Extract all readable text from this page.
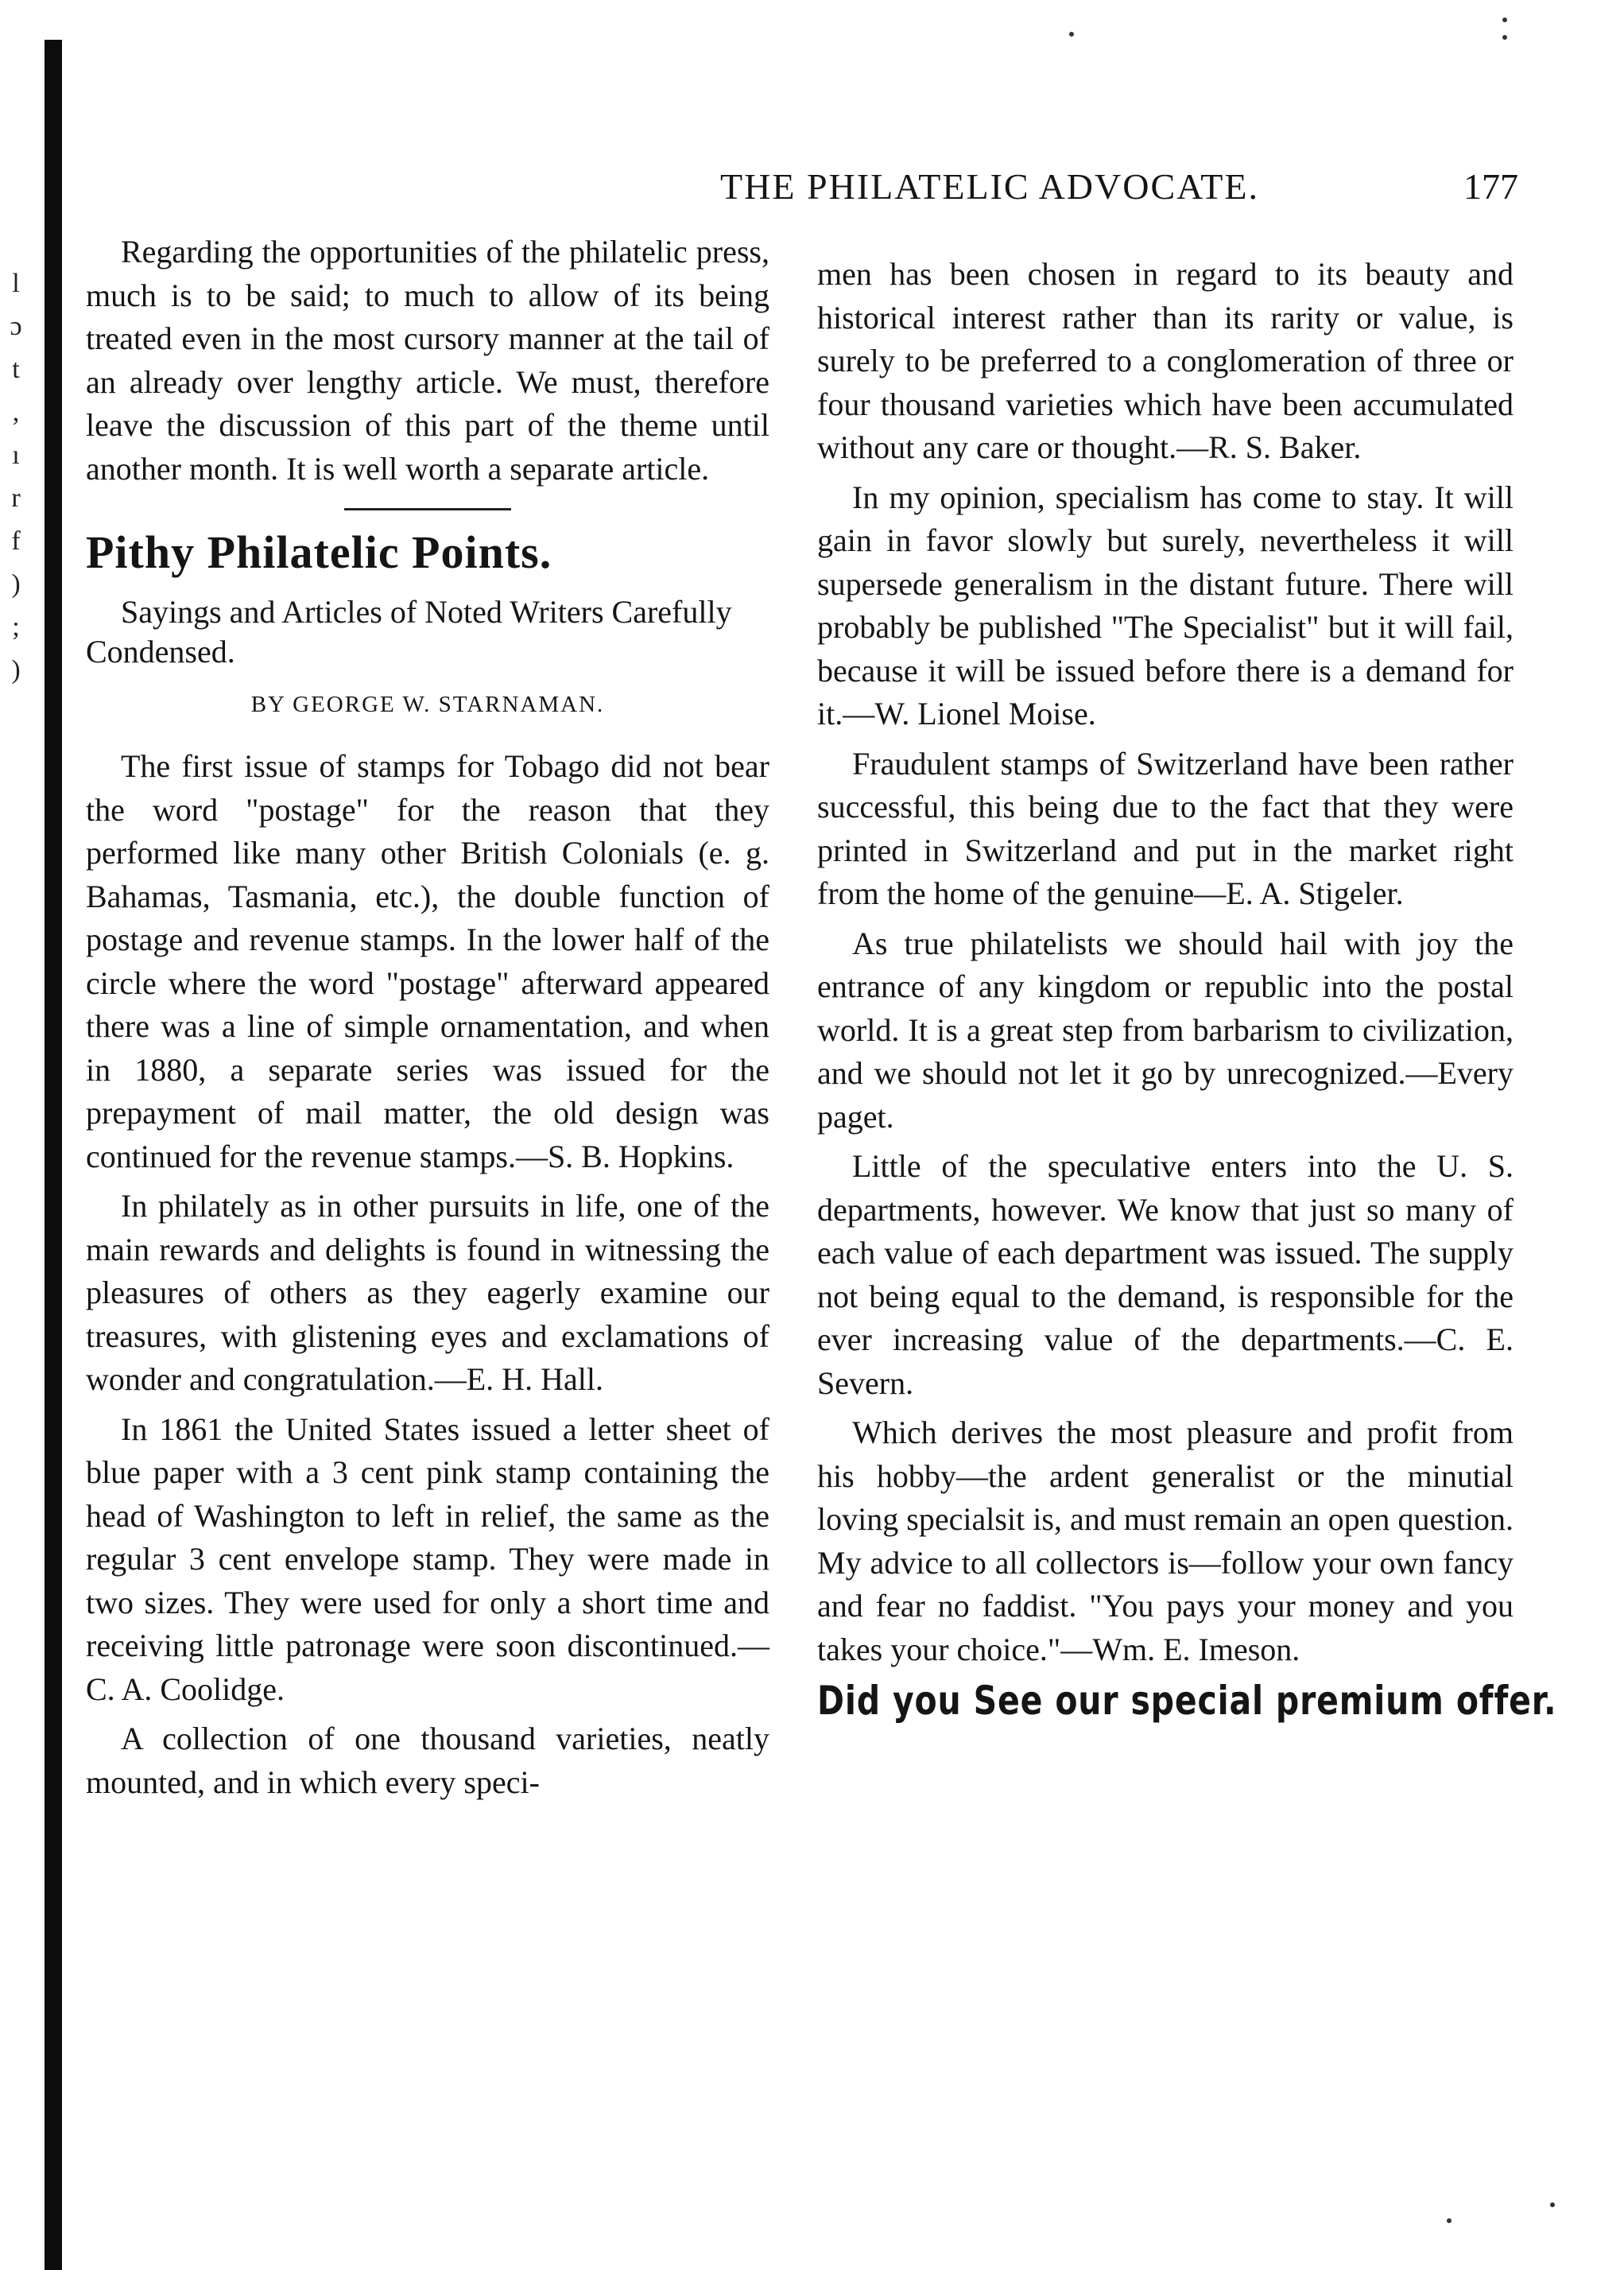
l
ɔ
t
,
ı
r
f
)
;
)
THE PHILATELIC ADVOCATE.	177

Regarding the opportunities of the philatelic press, much is to be said; to much to allow of its being treated even in the most cursory manner at the tail of an already over lengthy article. We must, therefore leave the discussion of this part of the theme until another month. It is well worth a separate article.

Pithy Philatelic Points.

Sayings and Articles of Noted Writers Carefully Condensed.

BY GEORGE W. STARNAMAN.

The first issue of stamps for Tobago did not bear the word "postage" for the reason that they performed like many other British Colonials (e. g. Bahamas, Tasmania, etc.), the double function of postage and revenue stamps. In the lower half of the circle where the word "postage" afterward appeared there was a line of simple ornamentation, and when in 1880, a separate series was issued for the prepayment of mail matter, the old design was continued for the revenue stamps.—S. B. Hopkins.

In philately as in other pursuits in life, one of the main rewards and delights is found in witnessing the pleasures of others as they eagerly examine our treasures, with glistening eyes and exclamations of wonder and congratulation.—E. H. Hall.

In 1861 the United States issued a letter sheet of blue paper with a 3 cent pink stamp containing the head of Washington to left in relief, the same as the regular 3 cent envelope stamp. They were made in two sizes. They were used for only a short time and receiving little patronage were soon discontinued.—C. A. Coolidge.

A collection of one thousand varieties, neatly mounted, and in which every speci-

men has been chosen in regard to its beauty and historical interest rather than its rarity or value, is surely to be preferred to a conglomeration of three or four thousand varieties which have been accumulated without any care or thought.—R. S. Baker.

In my opinion, specialism has come to stay. It will gain in favor slowly but surely, nevertheless it will supersede generalism in the distant future. There will probably be published "The Specialist" but it will fail, because it will be issued before there is a demand for it.—W. Lionel Moise.

Fraudulent stamps of Switzerland have been rather successful, this being due to the fact that they were printed in Switzerland and put in the market right from the home of the genuine—E. A. Stigeler.

As true philatelists we should hail with joy the entrance of any kingdom or republic into the postal world. It is a great step from barbarism to civilization, and we should not let it go by unrecognized.—Every paget.

Little of the speculative enters into the U. S. departments, however. We know that just so many of each value of each department was issued. The supply not being equal to the demand, is responsible for the ever increasing value of the departments.—C. E. Severn.

Which derives the most pleasure and profit from his hobby—the ardent generalist or the minutial loving specialsit is, and must remain an open question. My advice to all collectors is—follow your own fancy and fear no faddist. "You pays your money and you takes your choice."—Wm. E. Imeson.

Did you See our special premium offer.
